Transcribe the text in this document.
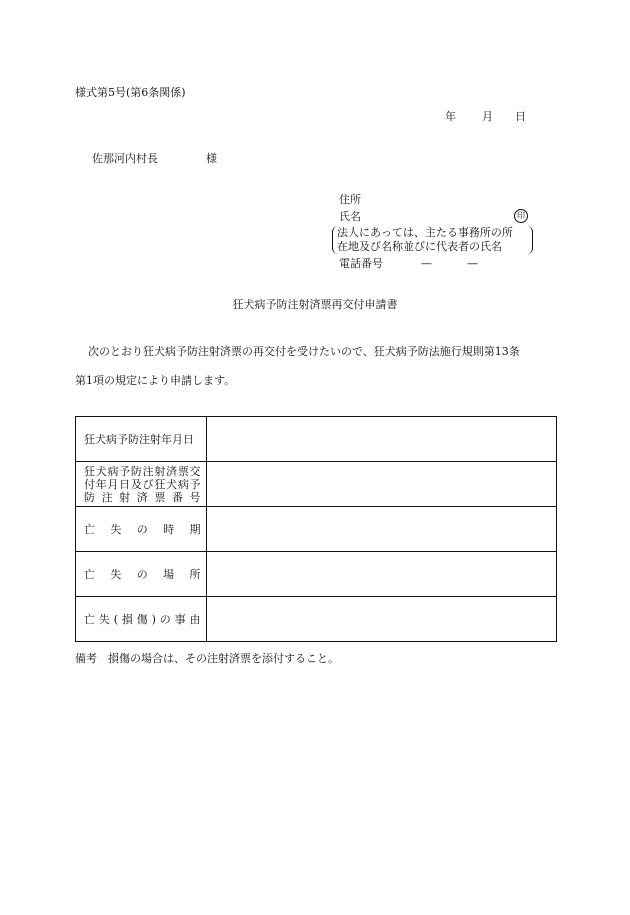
様式第5号(第6条関係)
年 月 日
佐那河内村長	様
住所
氏名	印
法人にあっては、主たる事務所の所
在地及び名称並びに代表者の氏名
電話番号	—	—
狂犬病予防注射済票再交付申請書
次のとおり狂犬病予防注射済票の再交付を受けたいので、狂犬病予防法施行規則第13条
第1項の規定により申請します。
狂犬病予防注射年月日	

狂犬病予防注射済票交付年月日及び狂犬病予防注射済票番号	

亡失の時期	

亡失の場所	

亡失(損傷)の事由	

備考　損傷の場合は、その注射済票を添付すること。
